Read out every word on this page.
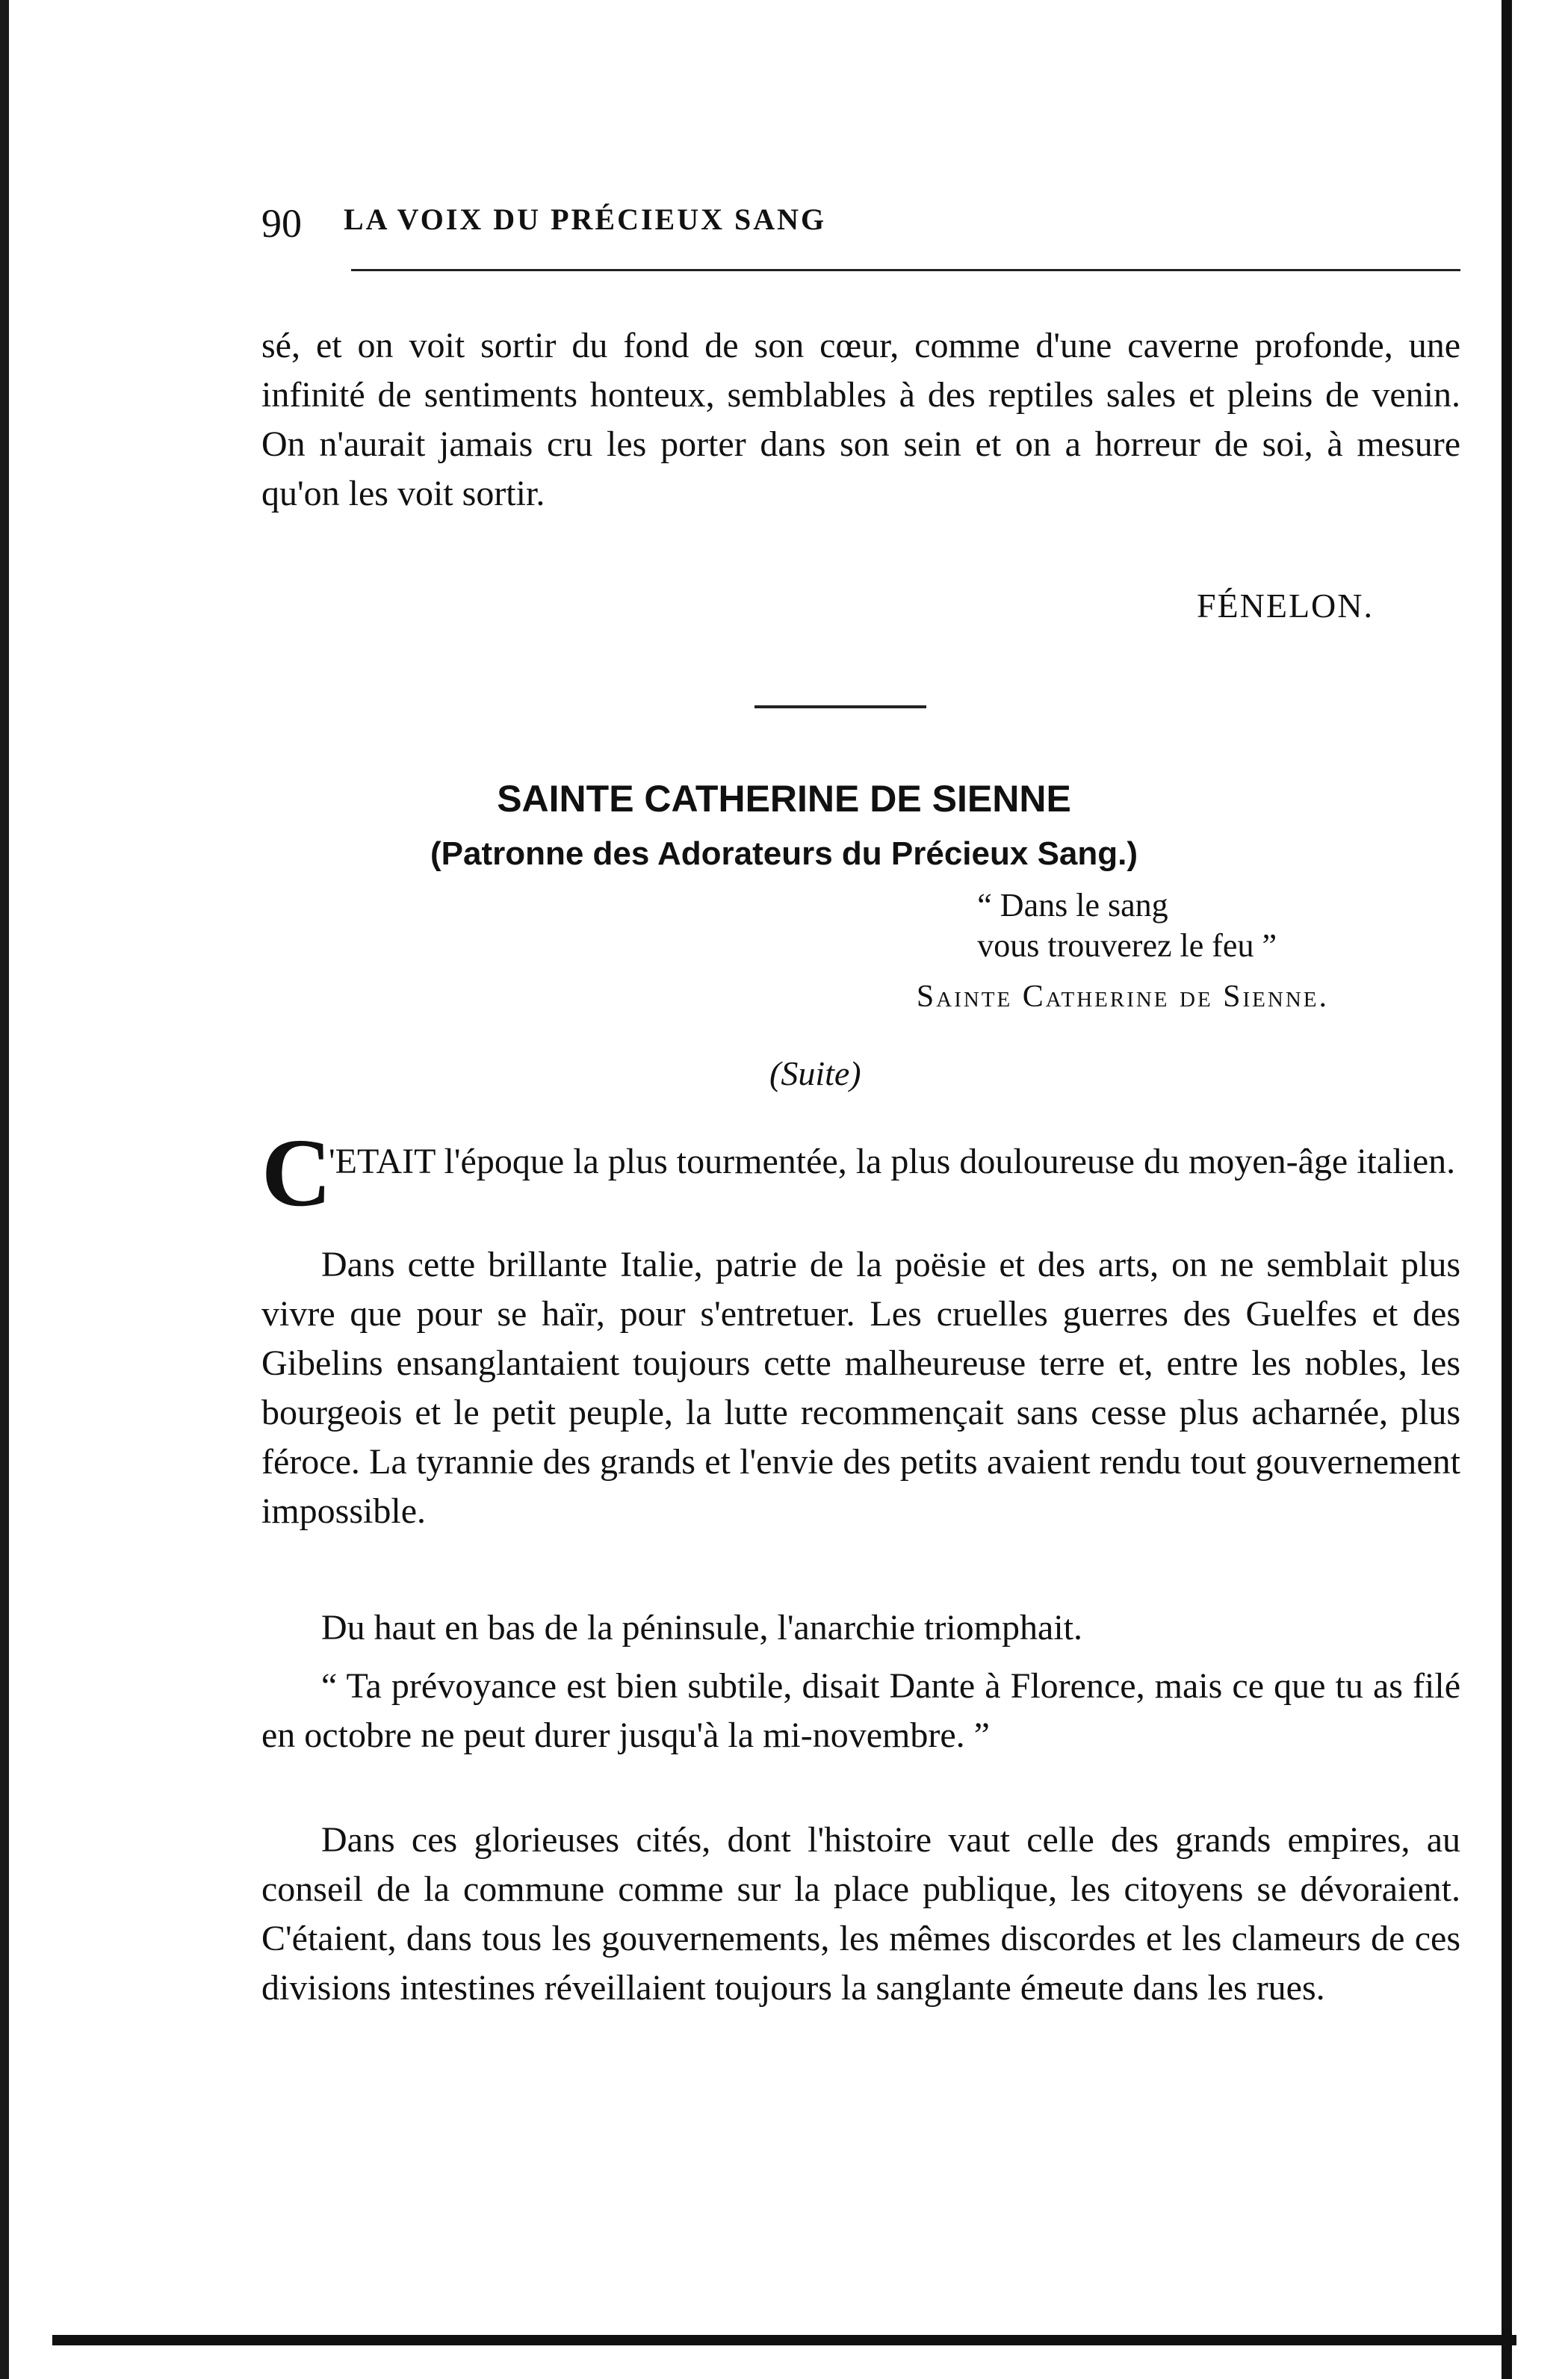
90 LA VOIX DU PRÉCIEUX SANG

sé, et on voit sortir du fond de son cœur, comme d'une caverne profonde, une infinité de sentiments honteux, semblables à des reptiles sales et pleins de venin. On n'aurait jamais cru les porter dans son sein et on a horreur de soi, à mesure qu'on les voit sortir.

FÉNELON.
SAINTE CATHERINE DE SIENNE
(Patronne des Adorateurs du Précieux Sang.)
“ Dans le sang
vous trouverez le feu ”
Sainte Catherine de Sienne.
(Suite)
C

'ETAIT l'époque la plus tourmentée, la plus douloureuse du moyen-âge italien.

Dans cette brillante Italie, patrie de la poësie et des arts, on ne semblait plus vivre que pour se haïr, pour s'entretuer. Les cruelles guerres des Guelfes et des Gibelins ensanglantaient toujours cette malheureuse terre et, entre les nobles, les bourgeois et le petit peuple, la lutte recommençait sans cesse plus acharnée, plus féroce. La tyrannie des grands et l'envie des petits avaient rendu tout gouvernement impossible.

Du haut en bas de la péninsule, l'anarchie triomphait.

“ Ta prévoyance est bien subtile, disait Dante à Florence, mais ce que tu as filé en octobre ne peut durer jusqu'à la mi-novembre. ”

Dans ces glorieuses cités, dont l'histoire vaut celle des grands empires, au conseil de la commune comme sur la place publique, les citoyens se dévoraient. C'étaient, dans tous les gouvernements, les mêmes discordes et les clameurs de ces divisions intestines réveillaient toujours la sanglante émeute dans les rues.
